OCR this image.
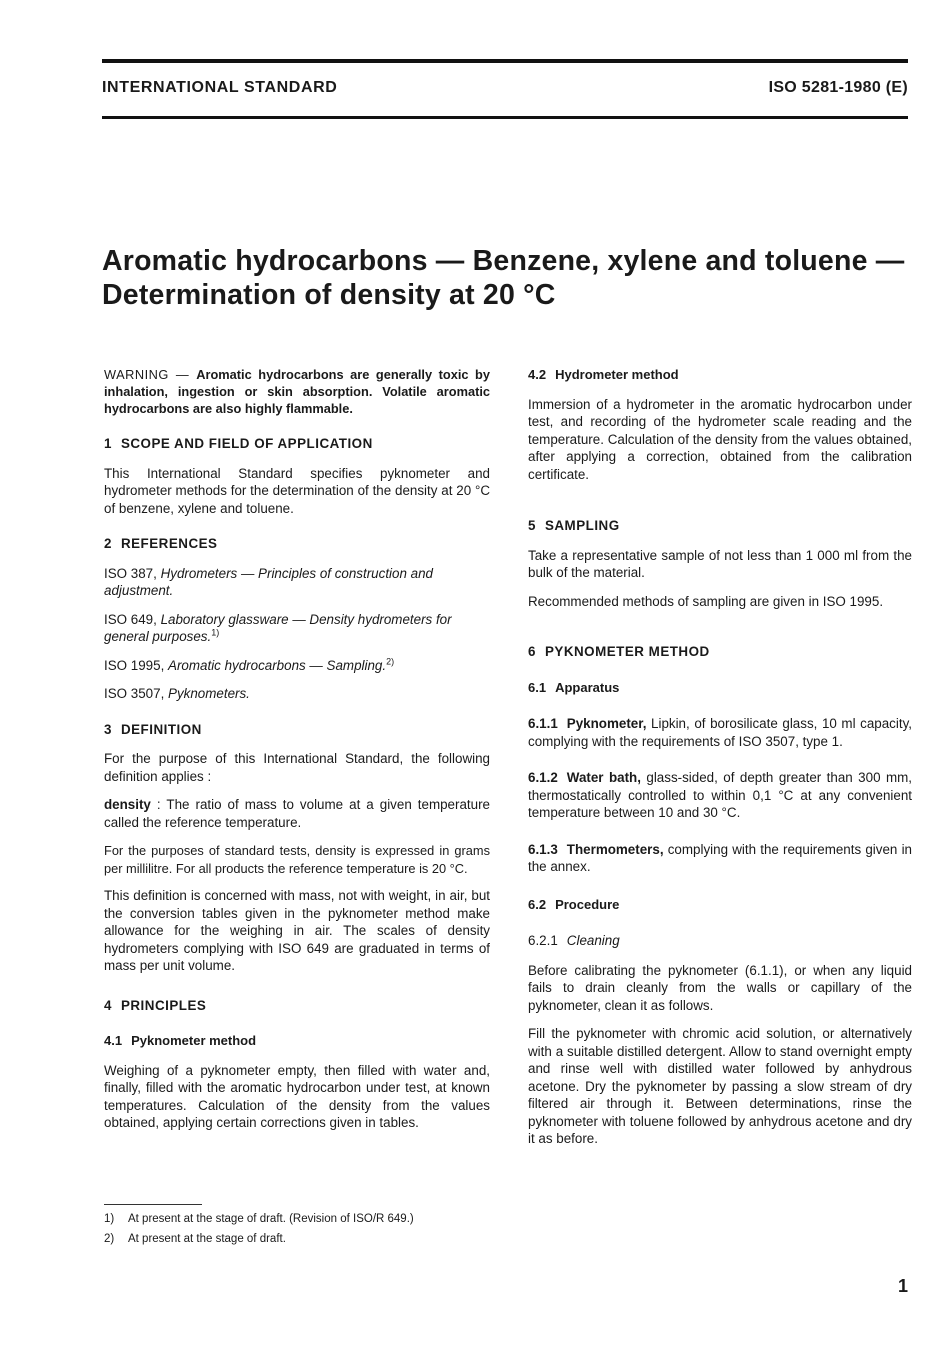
INTERNATIONAL STANDARD	ISO 5281-1980 (E)
Aromatic hydrocarbons — Benzene, xylene and toluene —
Determination of density at 20 °C

WARNING — Aromatic hydrocarbons are generally toxic by inhalation, ingestion or skin absorption. Volatile aromatic hydrocarbons are also highly flammable.

1 SCOPE AND FIELD OF APPLICATION

This International Standard specifies pyknometer and hydrometer methods for the determination of the density at 20 °C of benzene, xylene and toluene.

2 REFERENCES

ISO 387, Hydrometers — Principles of construction and adjustment.

ISO 649, Laboratory glassware — Density hydrometers for general purposes.$^{1)}$

ISO 1995, Aromatic hydrocarbons — Sampling.$^{2)}$

ISO 3507, Pyknometers.

3 DEFINITION

For the purpose of this International Standard, the following definition applies :

density : The ratio of mass to volume at a given temperature called the reference temperature.

For the purposes of standard tests, density is expressed in grams per millilitre. For all products the reference temperature is 20 °C.

This definition is concerned with mass, not with weight, in air, but the conversion tables given in the pyknometer method make allowance for the weighing in air. The scales of density hydrometers complying with ISO 649 are graduated in terms of mass per unit volume.

4 PRINCIPLES

4.1 Pyknometer method

Weighing of a pyknometer empty, then filled with water and, finally, filled with the aromatic hydrocarbon under test, at known temperatures. Calculation of the density from the values obtained, applying certain corrections given in tables.

4.2 Hydrometer method

Immersion of a hydrometer in the aromatic hydrocarbon under test, and recording of the hydrometer scale reading and the temperature. Calculation of the density from the values obtained, after applying a correction, obtained from the calibration certificate.

5 SAMPLING

Take a representative sample of not less than 1 000 ml from the bulk of the material.

Recommended methods of sampling are given in ISO 1995.

6 PYKNOMETER METHOD

6.1 Apparatus

6.1.1 Pyknometer, Lipkin, of borosilicate glass, 10 ml capacity, complying with the requirements of ISO 3507, type 1.

6.1.2 Water bath, glass-sided, of depth greater than 300 mm, thermostatically controlled to within 0,1 °C at any convenient temperature between 10 and 30 °C.

6.1.3 Thermometers, complying with the requirements given in the annex.

6.2 Procedure

6.2.1 Cleaning

Before calibrating the pyknometer (6.1.1), or when any liquid fails to drain cleanly from the walls or capillary of the pyknometer, clean it as follows.

Fill the pyknometer with chromic acid solution, or alternatively with a suitable distilled detergent. Allow to stand overnight empty and rinse well with distilled water followed by anhydrous acetone. Dry the pyknometer by passing a slow stream of dry filtered air through it. Between determinations, rinse the pyknometer with toluene followed by anhydrous acetone and dry it as before.

1) At present at the stage of draft. (Revision of ISO/R 649.)
2) At present at the stage of draft.
1
